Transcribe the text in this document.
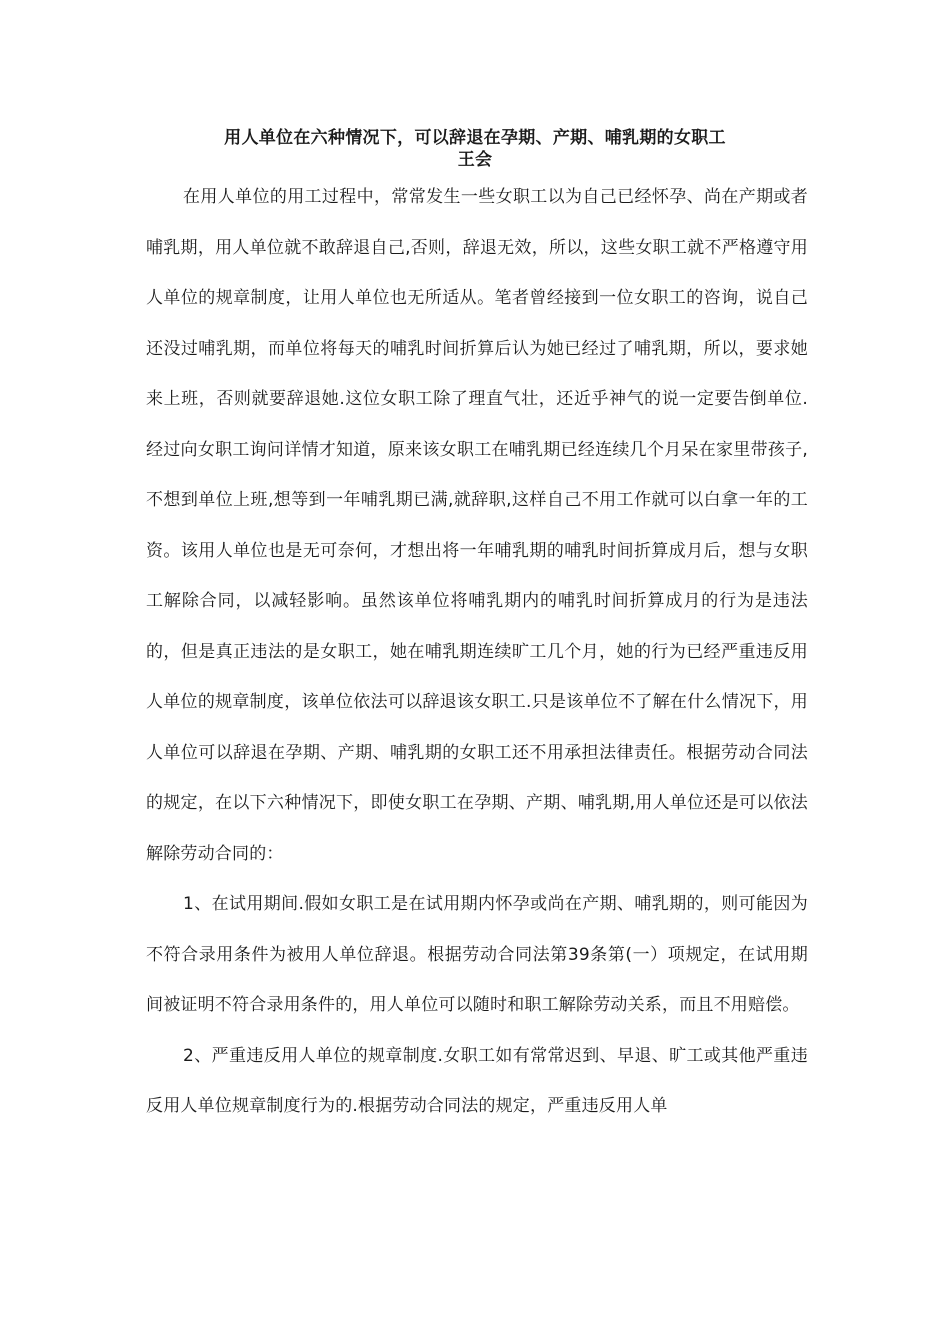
用人单位在六种情况下，可以辞退在孕期、产期、哺乳期的女职工
王会

在用人单位的用工过程中，常常发生一些女职工以为自己已经怀孕、尚在产期或者哺乳期，用人单位就不敢辞退自己,否则，辞退无效，所以，这些女职工就不严格遵守用人单位的规章制度，让用人单位也无所适从。笔者曾经接到一位女职工的咨询，说自己还没过哺乳期，而单位将每天的哺乳时间折算后认为她已经过了哺乳期，所以，要求她来上班，否则就要辞退她.这位女职工除了理直气壮，还近乎神气的说一定要告倒单位.经过向女职工询问详情才知道，原来该女职工在哺乳期已经连续几个月呆在家里带孩子,不想到单位上班,想等到一年哺乳期已满,就辞职,这样自己不用工作就可以白拿一年的工资。该用人单位也是无可奈何，才想出将一年哺乳期的哺乳时间折算成月后，想与女职工解除合同，以减轻影响。虽然该单位将哺乳期内的哺乳时间折算成月的行为是违法的，但是真正违法的是女职工，她在哺乳期连续旷工几个月，她的行为已经严重违反用人单位的规章制度，该单位依法可以辞退该女职工.只是该单位不了解在什么情况下，用人单位可以辞退在孕期、产期、哺乳期的女职工还不用承担法律责任。根据劳动合同法的规定，在以下六种情况下，即使女职工在孕期、产期、哺乳期,用人单位还是可以依法解除劳动合同的：

1、在试用期间.假如女职工是在试用期内怀孕或尚在产期、哺乳期的，则可能因为不符合录用条件为被用人单位辞退。根据劳动合同法第39条第(一）项规定，在试用期间被证明不符合录用条件的，用人单位可以随时和职工解除劳动关系，而且不用赔偿。

2、严重违反用人单位的规章制度.女职工如有常常迟到、早退、旷工或其他严重违反用人单位规章制度行为的.根据劳动合同法的规定，严重违反用人单
